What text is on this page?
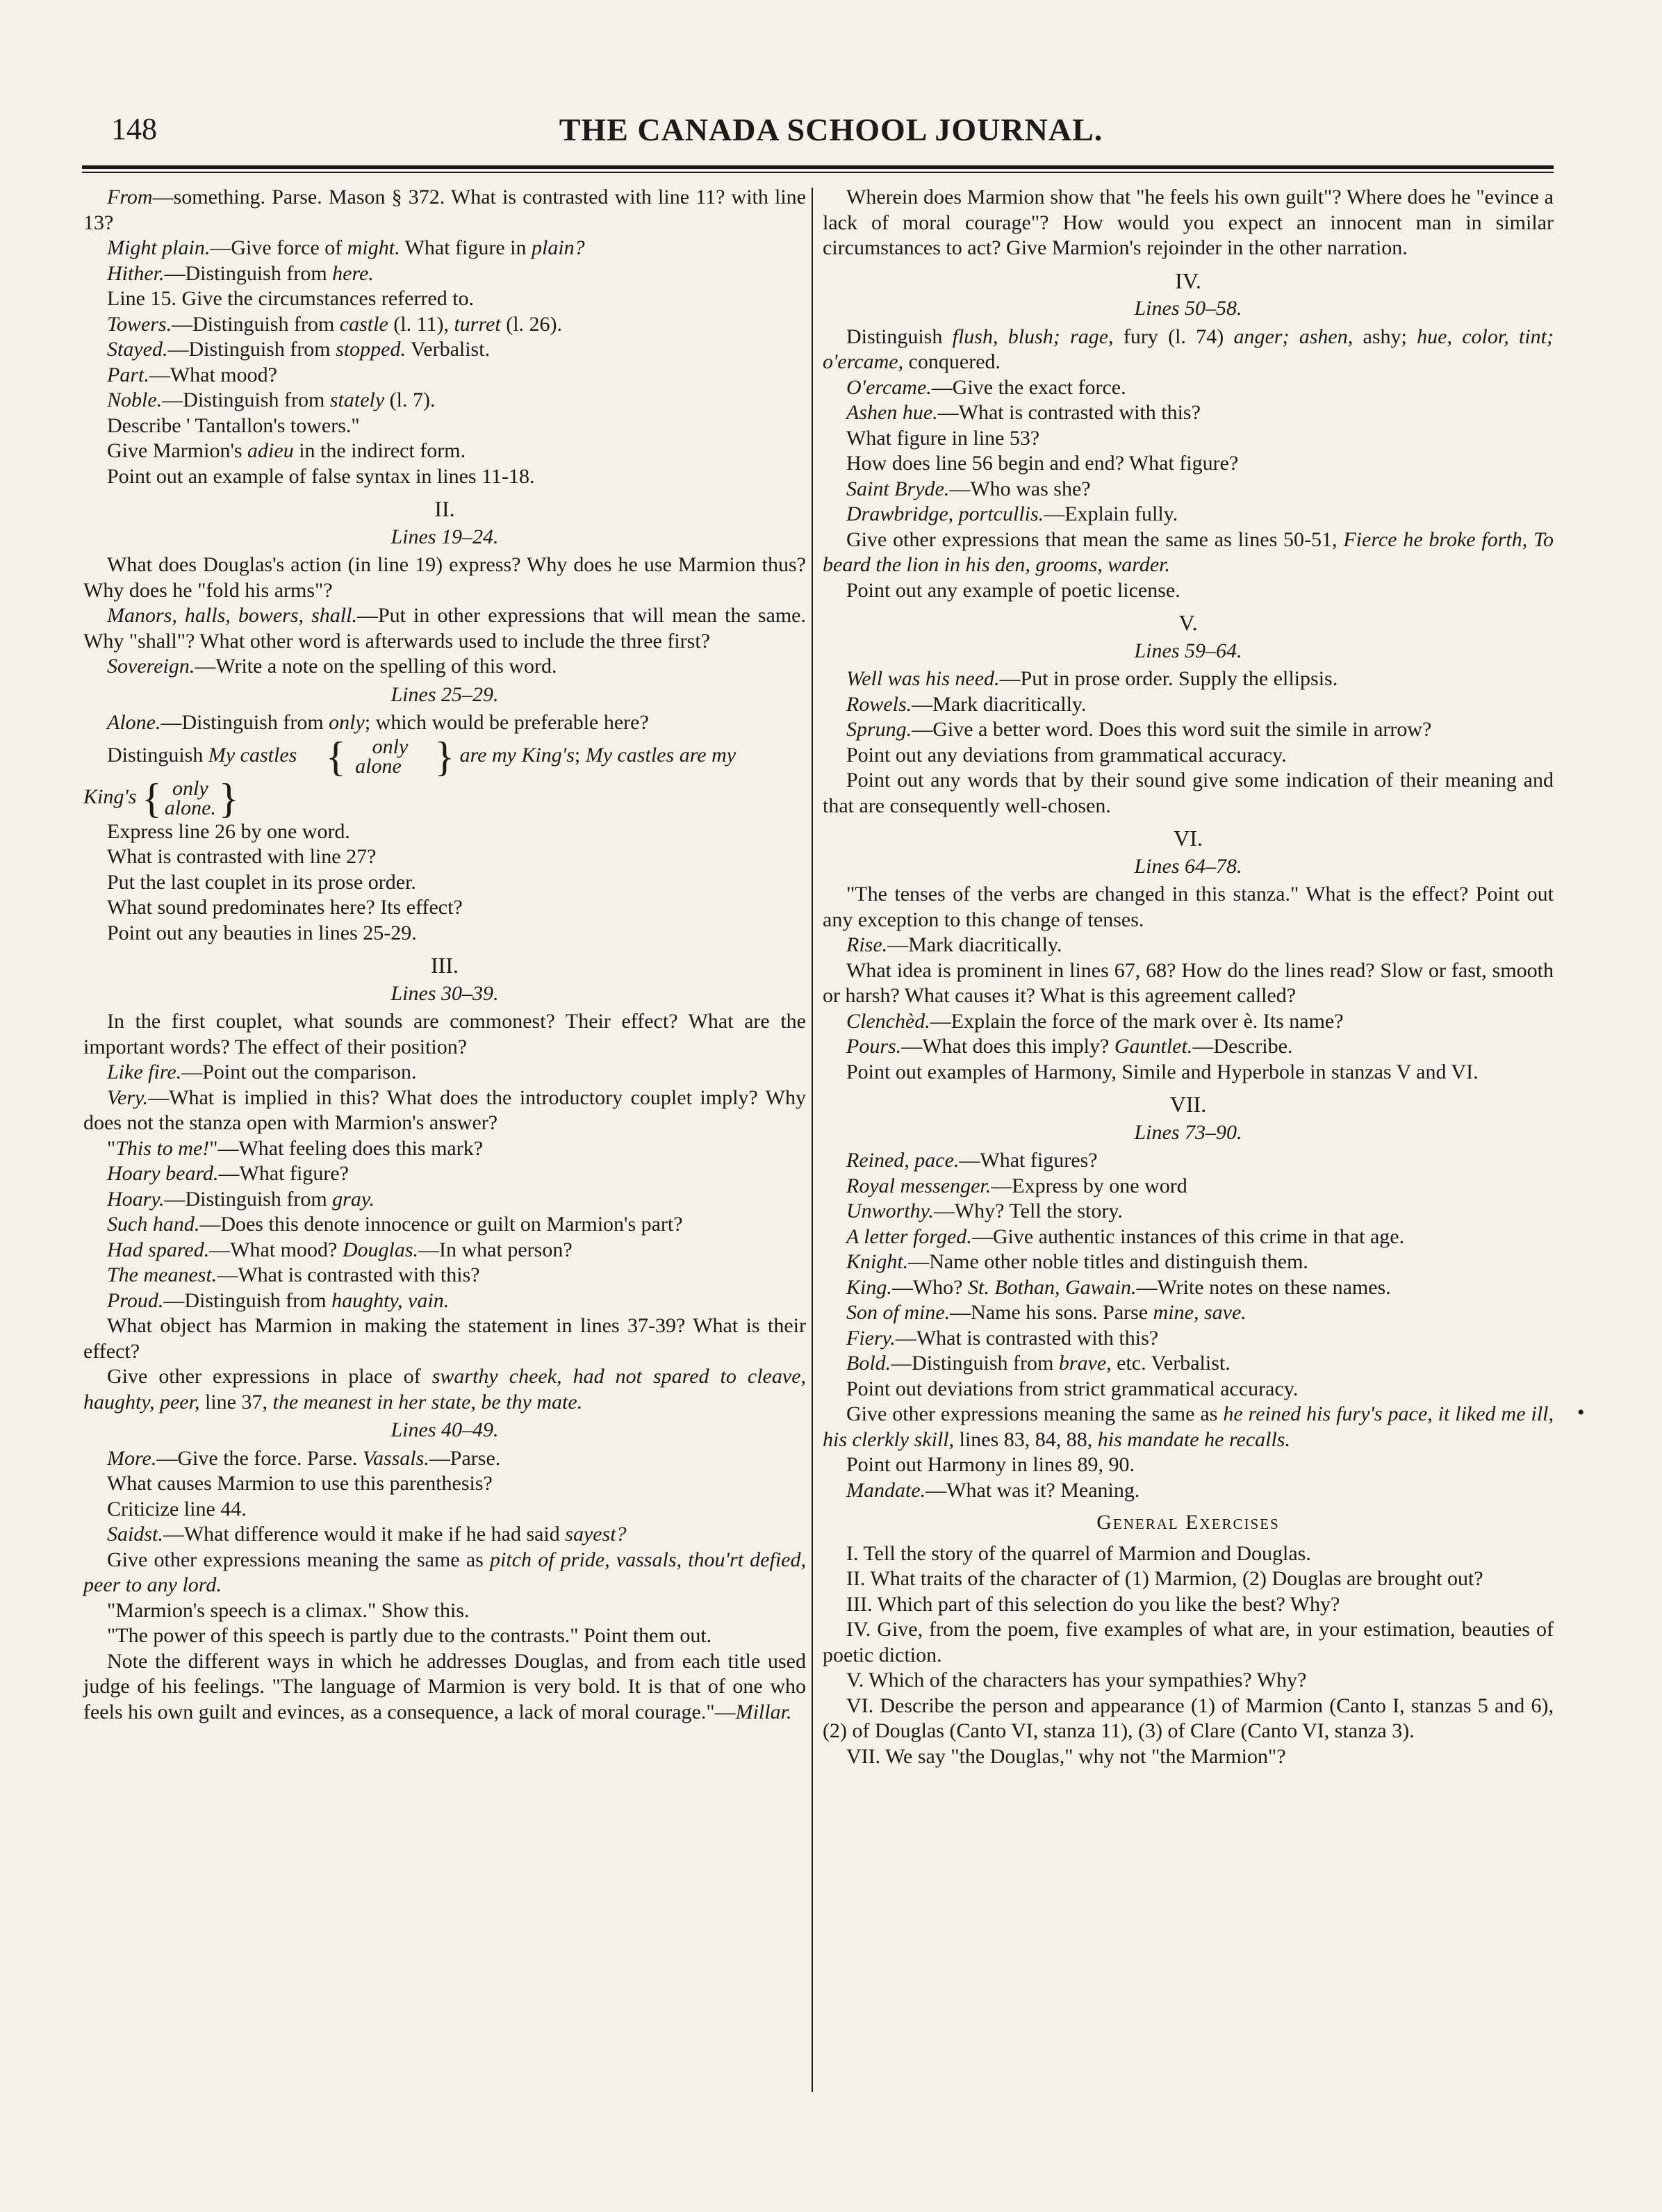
148	THE CANADA SCHOOL JOURNAL.

From—something. Parse. Mason § 372. What is contrasted with line 11? with line 13?

Might plain.—Give force of might. What figure in plain?

Hither.—Distinguish from here.

Line 15. Give the circumstances referred to.

Towers.—Distinguish from castle (l. 11), turret (l. 26).

Stayed.—Distinguish from stopped. Verbalist.

Part.—What mood?

Noble.—Distinguish from stately (l. 7).

Describe ' Tantallon's towers."

Give Marmion's adieu in the indirect form.

Point out an example of false syntax in lines 11-18.

II.
Lines 19–24.

What does Douglas's action (in line 19) express? Why does he use Marmion thus? Why does he "fold his arms"?

Manors, halls, bowers, shall.—Put in other expressions that will mean the same. Why "shall"? What other word is afterwards used to include the three first?

Sovereign.—Write a note on the spelling of this word.

Lines 25–29.

Alone.—Distinguish from only; which would be preferable here?

Distinguish My castles { only
alone } are my King's; My castles are my

King's { only
alone.}

Express line 26 by one word.

What is contrasted with line 27?

Put the last couplet in its prose order.

What sound predominates here? Its effect?

Point out any beauties in lines 25-29.

III.
Lines 30–39.

In the first couplet, what sounds are commonest? Their effect? What are the important words? The effect of their position?

Like fire.—Point out the comparison.

Very.—What is implied in this? What does the introductory couplet imply? Why does not the stanza open with Marmion's answer?

"This to me!"—What feeling does this mark?

Hoary beard.—What figure?

Hoary.—Distinguish from gray.

Such hand.—Does this denote innocence or guilt on Marmion's part?

Had spared.—What mood? Douglas.—In what person?

The meanest.—What is contrasted with this?

Proud.—Distinguish from haughty, vain.

What object has Marmion in making the statement in lines 37-39? What is their effect?

Give other expressions in place of swarthy cheek, had not spared to cleave, haughty, peer, line 37, the meanest in her state, be thy mate.

Lines 40–49.

More.—Give the force. Parse. Vassals.—Parse.

What causes Marmion to use this parenthesis?

Criticize line 44.

Saidst.—What difference would it make if he had said sayest?

Give other expressions meaning the same as pitch of pride, vassals, thou'rt defied, peer to any lord.

"Marmion's speech is a climax." Show this.

"The power of this speech is partly due to the contrasts." Point them out.

Note the different ways in which he addresses Douglas, and from each title used judge of his feelings. "The language of Marmion is very bold. It is that of one who feels his own guilt and evinces, as a consequence, a lack of moral courage."—Millar.

Wherein does Marmion show that "he feels his own guilt"? Where does he "evince a lack of moral courage"? How would you expect an innocent man in similar circumstances to act? Give Marmion's rejoinder in the other narration.

IV.
Lines 50–58.

Distinguish flush, blush; rage, fury (l. 74) anger; ashen, ashy; hue, color, tint; o'ercame, conquered.

O'ercame.—Give the exact force.

Ashen hue.—What is contrasted with this?

What figure in line 53?

How does line 56 begin and end? What figure?

Saint Bryde.—Who was she?

Drawbridge, portcullis.—Explain fully.

Give other expressions that mean the same as lines 50-51, Fierce he broke forth, To beard the lion in his den, grooms, warder.

Point out any example of poetic license.

V.
Lines 59–64.

Well was his need.—Put in prose order. Supply the ellipsis.

Rowels.—Mark diacritically.

Sprung.—Give a better word. Does this word suit the simile in arrow?

Point out any deviations from grammatical accuracy.

Point out any words that by their sound give some indication of their meaning and that are consequently well-chosen.

VI.
Lines 64–78.

"The tenses of the verbs are changed in this stanza." What is the effect? Point out any exception to this change of tenses.

Rise.—Mark diacritically.

What idea is prominent in lines 67, 68? How do the lines read? Slow or fast, smooth or harsh? What causes it? What is this agreement called?

Clenchèd.—Explain the force of the mark over è. Its name?

Pours.—What does this imply? Gauntlet.—Describe.

Point out examples of Harmony, Simile and Hyperbole in stanzas V and VI.

VII.
Lines 73–90.

Reined, pace.—What figures?

Royal messenger.—Express by one word

Unworthy.—Why? Tell the story.

A letter forged.—Give authentic instances of this crime in that age.

Knight.—Name other noble titles and distinguish them.

King.—Who? St. Bothan, Gawain.—Write notes on these names.

Son of mine.—Name his sons. Parse mine, save.

Fiery.—What is contrasted with this?

Bold.—Distinguish from brave, etc. Verbalist.

Point out deviations from strict grammatical accuracy.

Give other expressions meaning the same as he reined his fury's pace, it liked me ill, his clerkly skill, lines 83, 84, 88, his mandate he recalls.

Point out Harmony in lines 89, 90.

Mandate.—What was it? Meaning.

General Exercises

I. Tell the story of the quarrel of Marmion and Douglas.

II. What traits of the character of (1) Marmion, (2) Douglas are brought out?

III. Which part of this selection do you like the best? Why?

IV. Give, from the poem, five examples of what are, in your estimation, beauties of poetic diction.

V. Which of the characters has your sympathies? Why?

VI. Describe the person and appearance (1) of Marmion (Canto I, stanzas 5 and 6), (2) of Douglas (Canto VI, stanza 11), (3) of Clare (Canto VI, stanza 3).

VII. We say "the Douglas," why not "the Marmion"?

•
